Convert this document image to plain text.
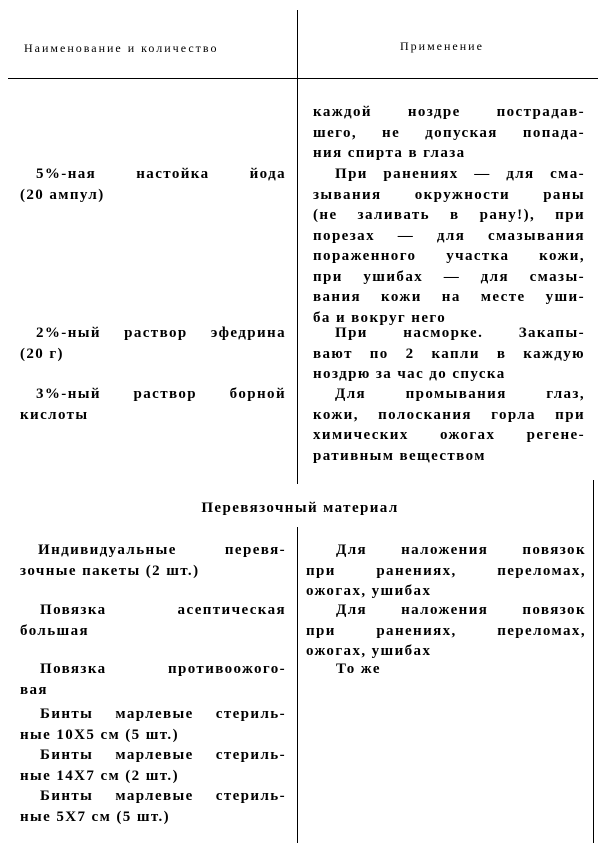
Наименование и количество	Применение
каждой ноздре пострадав-
шего, не допуская попада-
ния спирта в глаза
5%-ная настойка йода
(20 ампул)
При ранениях — для сма-
зывания окружности раны
(не заливать в рану!), при
порезах — для смазывания
пораженного участка кожи,
при ушибах — для смазы-
вания кожи на месте уши-
ба и вокруг него
2%-ный раствор эфедрина
(20 г)
При насморке. Закапы-
вают по 2 капли в каждую
ноздрю за час до спуска
3%-ный раствор борной
кислоты
Для промывания глаз,
кожи, полоскания горла при
химических ожогах регене-
ративным веществом
Перевязочный материал
Индивидуальные перевя-
зочные пакеты (2 шт.)
Для наложения повязок
при ранениях, переломах,
ожогах, ушибах
Повязка асептическая
большая
Для наложения повязок
при ранениях, переломах,
ожогах, ушибах
Повязка противоожого-
вая
То же
Бинты марлевые стериль-
ные 10Х5 см (5 шт.)
Бинты марлевые стериль-
ные 14Х7 см (2 шт.)
Бинты марлевые стериль-
ные 5Х7 см (5 шт.)
